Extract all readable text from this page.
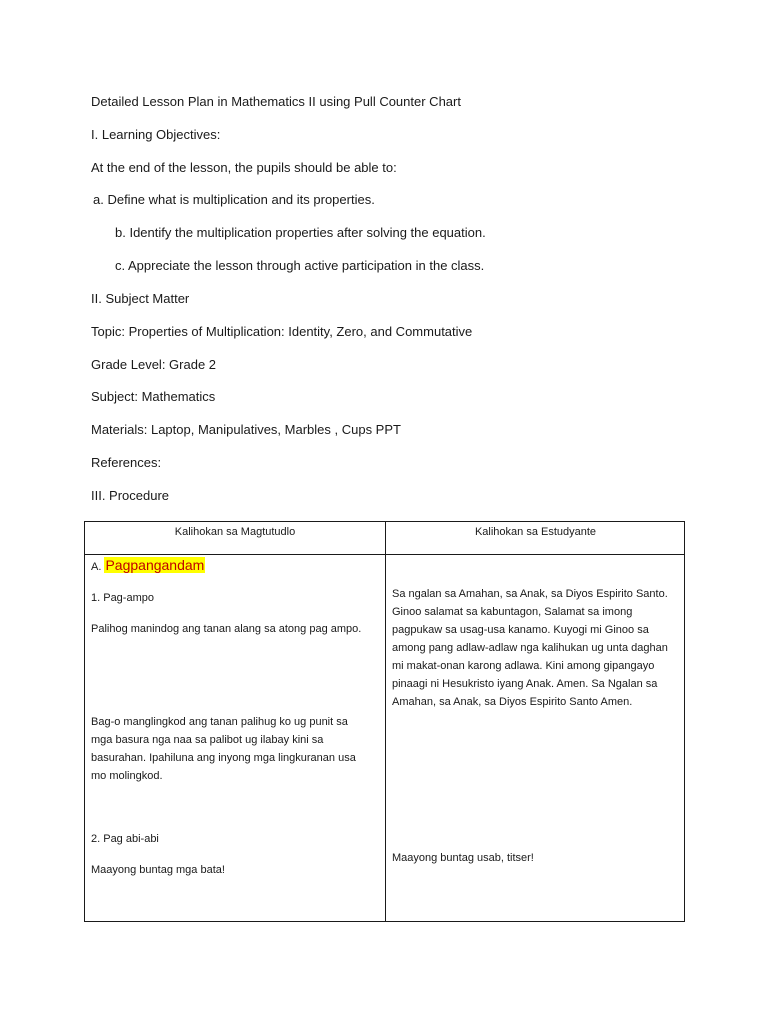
Detailed Lesson Plan in Mathematics II using Pull Counter Chart

I. Learning Objectives:

At the end of the lesson, the pupils should be able to:

a. Define what is multiplication and its properties.

b. Identify the multiplication properties after solving the equation.

c. Appreciate the lesson through active participation in the class.

II. Subject Matter

Topic: Properties of Multiplication: Identity, Zero, and Commutative

Grade Level: Grade 2

Subject: Mathematics

Materials: Laptop, Manipulatives, Marbles , Cups PPT

References:

III. Procedure

Kalihokan sa Magtutudlo	Kalihokan sa Estudyante

A. Pagpangandam

1. Pag-ampo

Palihog manindog ang tanan alang sa atong pag ampo.

Bag-o manglingkod ang tanan palihug ko ug punit sa mga basura nga naa sa palibot ug ilabay kini sa basurahan. Ipahiluna ang inyong mga lingkuranan usa mo molingkod.

2. Pag abi-abi

Maayong buntag mga bata!

Sa ngalan sa Amahan, sa Anak, sa Diyos Espirito Santo. Ginoo salamat sa kabuntagon, Salamat sa imong pagpukaw sa usag-usa kanamo. Kuyogi mi Ginoo sa among pang adlaw-adlaw nga kalihukan ug unta daghan mi makat-onan karong adlawa. Kini among gipangayo pinaagi ni Hesukristo iyang Anak. Amen. Sa Ngalan sa Amahan, sa Anak, sa Diyos Espirito Santo Amen.

Maayong buntag usab, titser!
